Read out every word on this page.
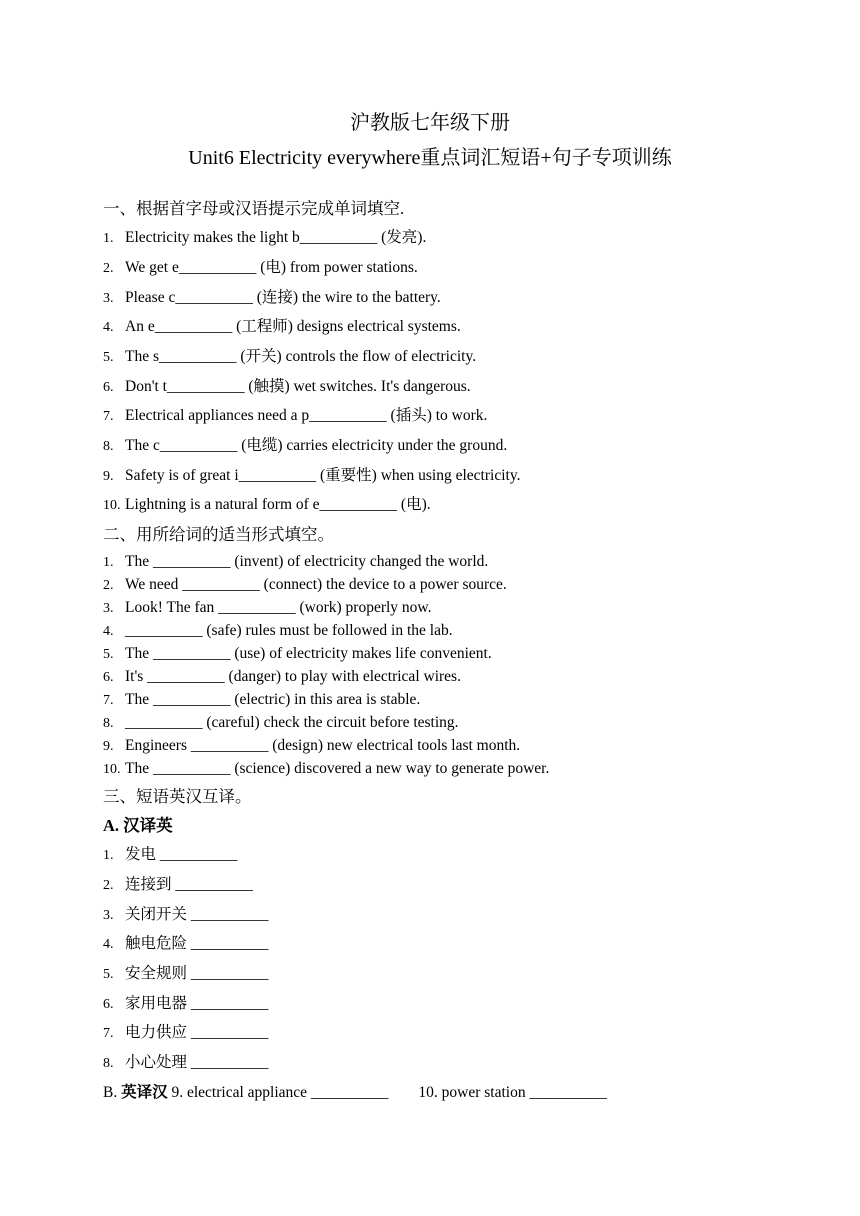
沪教版七年级下册
Unit6 Electricity everywhere重点词汇短语+句子专项训练
一、根据首字母或汉语提示完成单词填空.
1. Electricity makes the light b__________ (发亮).
2. We get e__________ (电) from power stations.
3. Please c__________ (连接) the wire to the battery.
4. An e__________ (工程师) designs electrical systems.
5. The s__________ (开关) controls the flow of electricity.
6. Don't t__________ (触摸) wet switches. It's dangerous.
7. Electrical appliances need a p__________ (插头) to work.
8. The c__________ (电缆) carries electricity under the ground.
9. Safety is of great i__________ (重要性) when using electricity.
10. Lightning is a natural form of e__________ (电).
二、用所给词的适当形式填空。
1. The __________ (invent) of electricity changed the world.
2. We need __________ (connect) the device to a power source.
3. Look! The fan __________ (work) properly now.
4. __________ (safe) rules must be followed in the lab.
5. The __________ (use) of electricity makes life convenient.
6. It's __________ (danger) to play with electrical wires.
7. The __________ (electric) in this area is stable.
8. __________ (careful) check the circuit before testing.
9. Engineers __________ (design) new electrical tools last month.
10. The __________ (science) discovered a new way to generate power.
三、短语英汉互译。
A. 汉译英
1. 发电 __________
2. 连接到 __________
3. 关闭开关 __________
4. 触电危险 __________
5. 安全规则 __________
6. 家用电器 __________
7. 电力供应 __________
8. 小心处理 __________
B. 英译汉 9. electrical appliance __________ 10. power station __________
